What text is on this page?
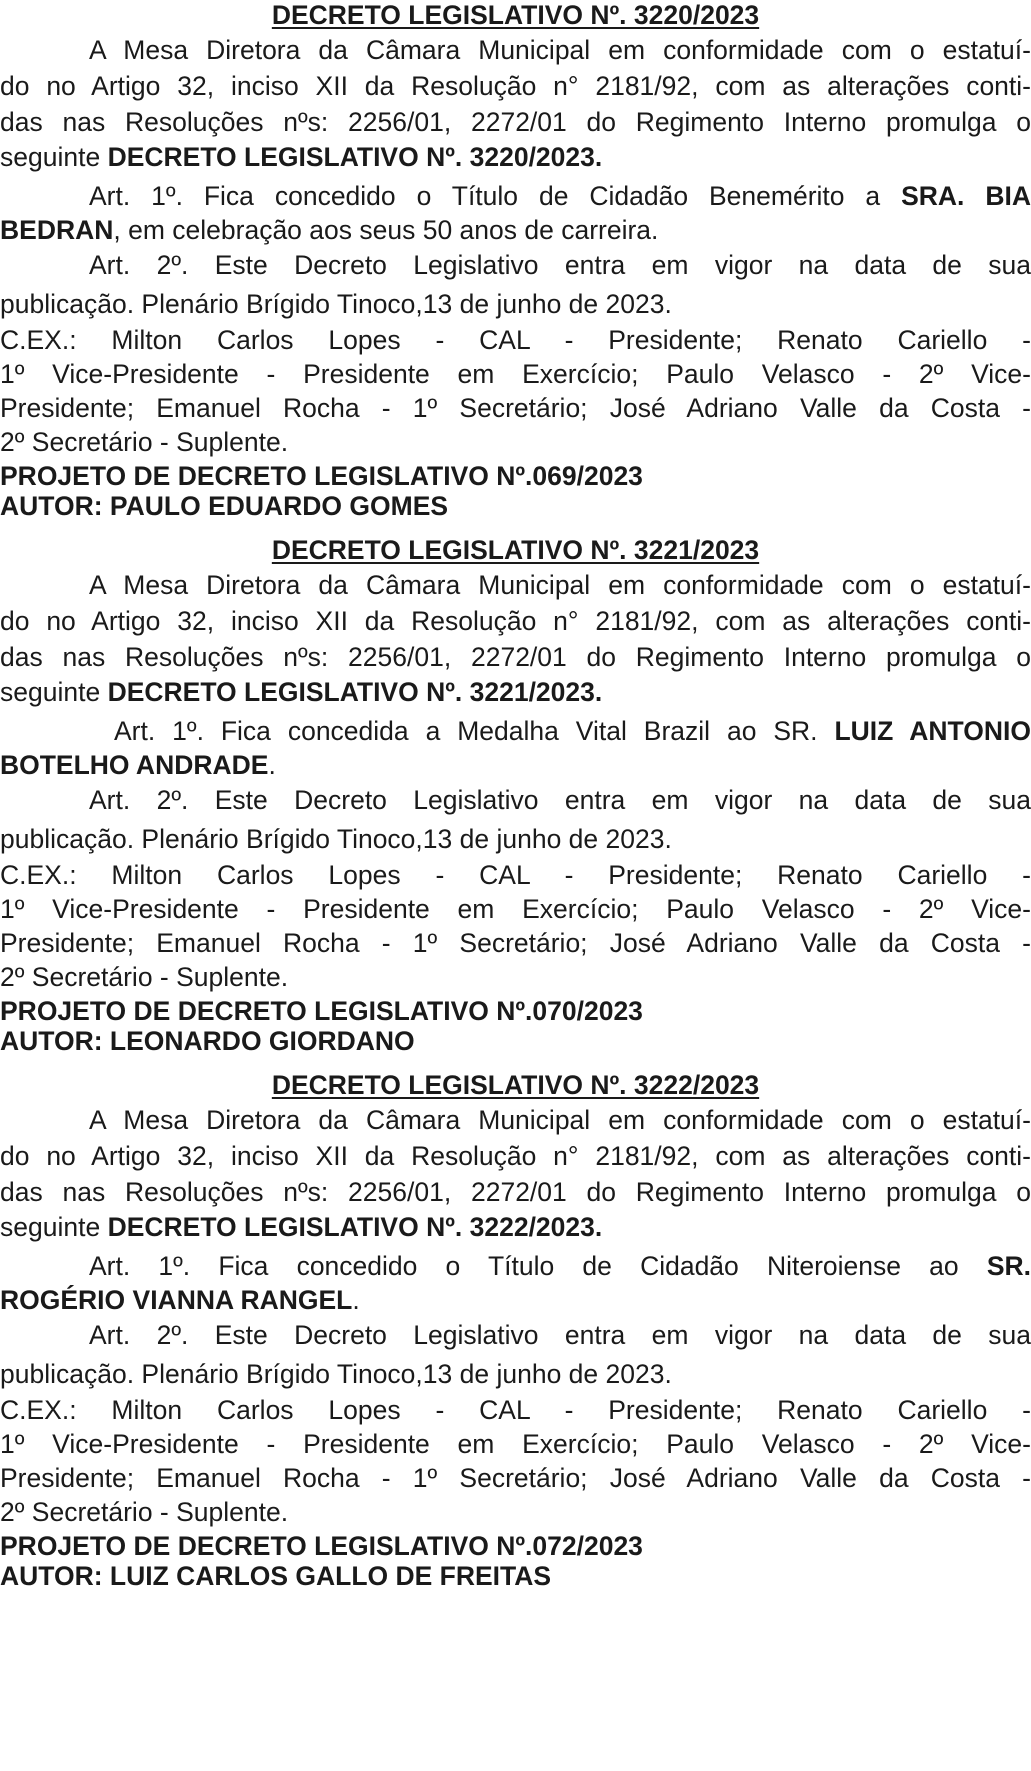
DECRETO LEGISLATIVO Nº. 3220/2023
A Mesa Diretora da Câmara Municipal em conformidade com o estatuí-
do no Artigo 32, inciso XII da Resolução n° 2181/92, com as alterações conti-
das nas Resoluções nºs: 2256/01, 2272/01 do Regimento Interno promulga o
seguinte DECRETO LEGISLATIVO Nº. 3220/2023.
Art. 1º. Fica concedido o Título de Cidadão Benemérito a SRA. BIA
BEDRAN, em celebração aos seus 50 anos de carreira.
Art. 2º. Este Decreto Legislativo entra em vigor na data de sua
publicação. Plenário Brígido Tinoco,13 de junho de 2023.
C.EX.: Milton Carlos Lopes - CAL - Presidente; Renato Cariello -
1º Vice-Presidente - Presidente em Exercício; Paulo Velasco - 2º Vice-
Presidente; Emanuel Rocha - 1º Secretário; José Adriano Valle da Costa -
2º Secretário - Suplente.
PROJETO DE DECRETO LEGISLATIVO Nº.069/2023
AUTOR: PAULO EDUARDO GOMES
DECRETO LEGISLATIVO Nº. 3221/2023
A Mesa Diretora da Câmara Municipal em conformidade com o estatuí-
do no Artigo 32, inciso XII da Resolução n° 2181/92, com as alterações conti-
das nas Resoluções nºs: 2256/01, 2272/01 do Regimento Interno promulga o
seguinte DECRETO LEGISLATIVO Nº. 3221/2023.
Art. 1º. Fica concedida a Medalha Vital Brazil ao SR. LUIZ ANTONIO
BOTELHO ANDRADE.
Art. 2º. Este Decreto Legislativo entra em vigor na data de sua
publicação. Plenário Brígido Tinoco,13 de junho de 2023.
C.EX.: Milton Carlos Lopes - CAL - Presidente; Renato Cariello -
1º Vice-Presidente - Presidente em Exercício; Paulo Velasco - 2º Vice-
Presidente; Emanuel Rocha - 1º Secretário; José Adriano Valle da Costa -
2º Secretário - Suplente.
PROJETO DE DECRETO LEGISLATIVO Nº.070/2023
AUTOR: LEONARDO GIORDANO
DECRETO LEGISLATIVO Nº. 3222/2023
A Mesa Diretora da Câmara Municipal em conformidade com o estatuí-
do no Artigo 32, inciso XII da Resolução n° 2181/92, com as alterações conti-
das nas Resoluções nºs: 2256/01, 2272/01 do Regimento Interno promulga o
seguinte DECRETO LEGISLATIVO Nº. 3222/2023.
Art. 1º. Fica concedido o Título de Cidadão Niteroiense ao SR.
ROGÉRIO VIANNA RANGEL.
Art. 2º. Este Decreto Legislativo entra em vigor na data de sua
publicação. Plenário Brígido Tinoco,13 de junho de 2023.
C.EX.: Milton Carlos Lopes - CAL - Presidente; Renato Cariello -
1º Vice-Presidente - Presidente em Exercício; Paulo Velasco - 2º Vice-
Presidente; Emanuel Rocha - 1º Secretário; José Adriano Valle da Costa -
2º Secretário - Suplente.
PROJETO DE DECRETO LEGISLATIVO Nº.072/2023
AUTOR: LUIZ CARLOS GALLO DE FREITAS
